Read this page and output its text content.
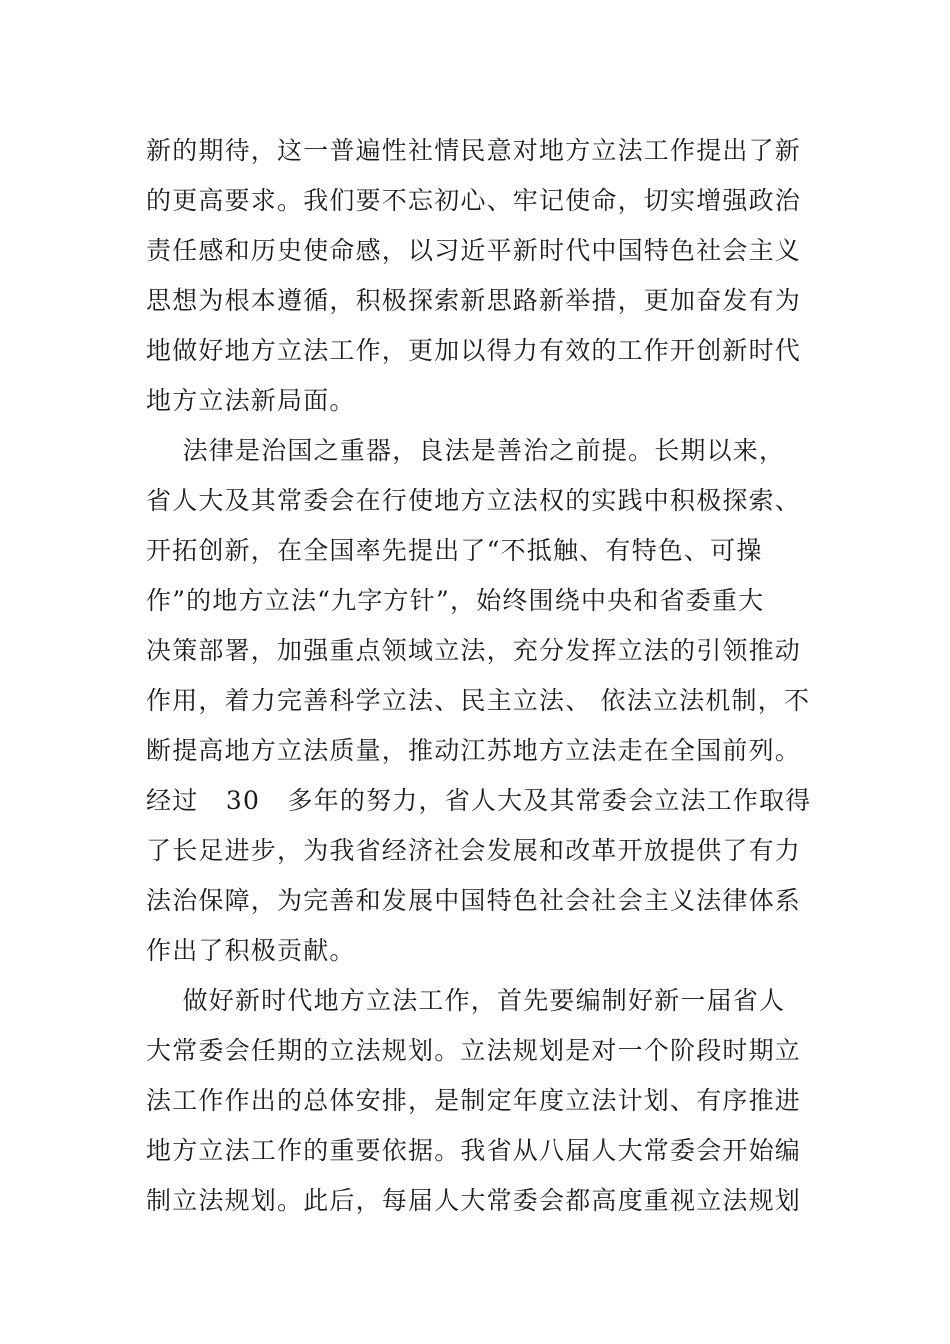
新的期待，这一普遍性社情民意对地方立法工作提出了新
的更高要求。我们要不忘初心、牢记使命，切实增强政治
责任感和历史使命感，以习近平新时代中国特色社会主义
思想为根本遵循，积极探索新思路新举措，更加奋发有为
地做好地方立法工作，更加以得力有效的工作开创新时代
地方立法新局面。
法律是治国之重器，良法是善治之前提。长期以来，
省人大及其常委会在行使地方立法权的实践中积极探索、
开拓创新，在全国率先提出了“不抵触、有特色、可操
作”的地方立法“九字方针”，始终围绕中央和省委重大
决策部署，加强重点领域立法，充分发挥立法的引领推动
作用，着力完善科学立法、民主立法、 依法立法机制，不
断提高地方立法质量，推动江苏地方立法走在全国前列。
经过   30   多年的努力，省人大及其常委会立法工作取得
了长足进步，为我省经济社会发展和改革开放提供了有力
法治保障，为完善和发展中国特色社会社会主义法律体系
作出了积极贡献。
做好新时代地方立法工作，首先要编制好新一届省人
大常委会任期的立法规划。立法规划是对一个阶段时期立
法工作作出的总体安排，是制定年度立法计划、有序推进
地方立法工作的重要依据。我省从八届人大常委会开始编
制立法规划。此后，每届人大常委会都高度重视立法规划
